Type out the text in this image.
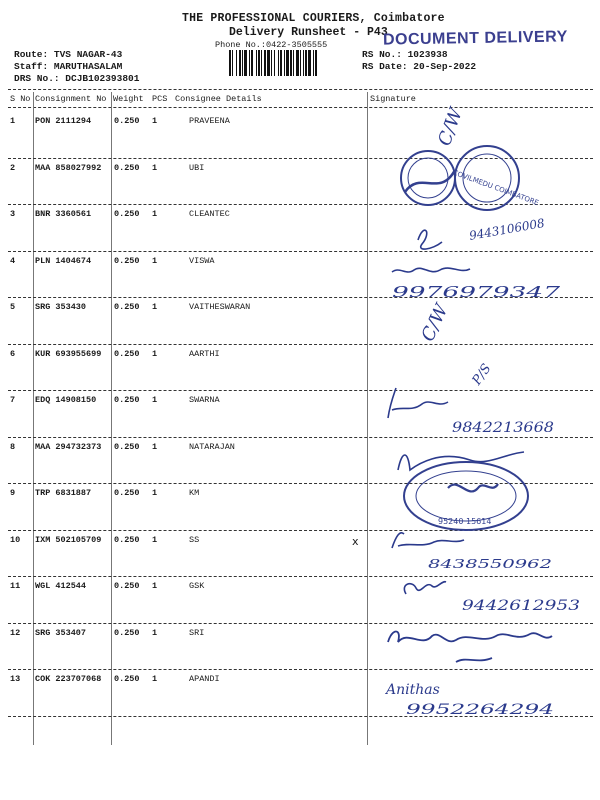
THE PROFESSIONAL COURIERS, Coimbatore
Delivery Runsheet - P43
Phone No.:0422-3505555	DOCUMENT DELIVERY
Route: TVS NAGAR-43
Staff: MARUTHASALAM
DRS No.: DCJB102393801
RS No.: 1023938
RS Date: 20-Sep-2022
S No Consignment No Weight PCS Consignee Details	Signature
1 PON 2111294	0.250 1	PRAVEENA
2 MAA 858027992 0.250 1	UBI
3 BNR 3360561	0.250 1	CLEANTEC
4 PLN 1404674	0.250 1	VISWA
5 SRG 353430	0.250 1	VAITHESWARAN
6 KUR 693955699 0.250 1	AARTHI
7 EDQ 14908150 0.250 1	SWARNA
8 MAA 294732373 0.250 1	NATARAJAN
9 TRP 6831887	0.250 1	KM
10 IXM 502105709 0.250 1	SS
11 WGL 412544	0.250 1	GSK
12 SRG 353407	0.250 1	SRI
13 COK 223707068 0.250 1	APANDI
C/W
COVILMEDU COIMBATORE
9443106008
9976979347
C/W
P/S
9842213668
95240 15614
x
8438550962
9442612953
Anithas
9952264294
